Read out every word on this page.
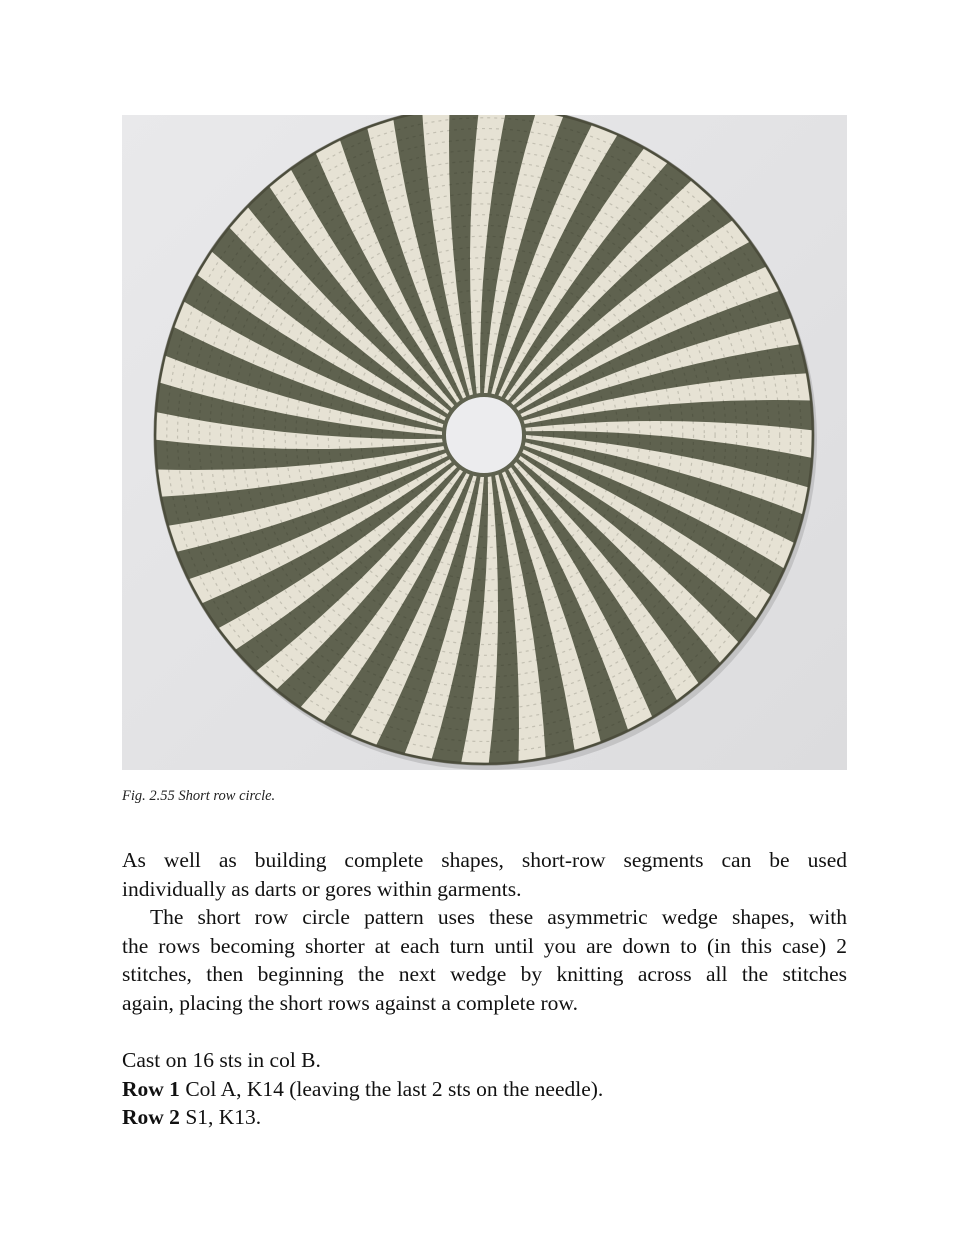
Fig. 2.55 Short row circle.
As well as building complete shapes, short-row segments can be used
individually as darts or gores within garments.
The short row circle pattern uses these asymmetric wedge shapes, with
the rows becoming shorter at each turn until you are down to (in this case) 2
stitches, then beginning the next wedge by knitting across all the stitches
again, placing the short rows against a complete row.
Cast on 16 sts in col B.
Row 1 Col A, K14 (leaving the last 2 sts on the needle).
Row 2 S1, K13.
